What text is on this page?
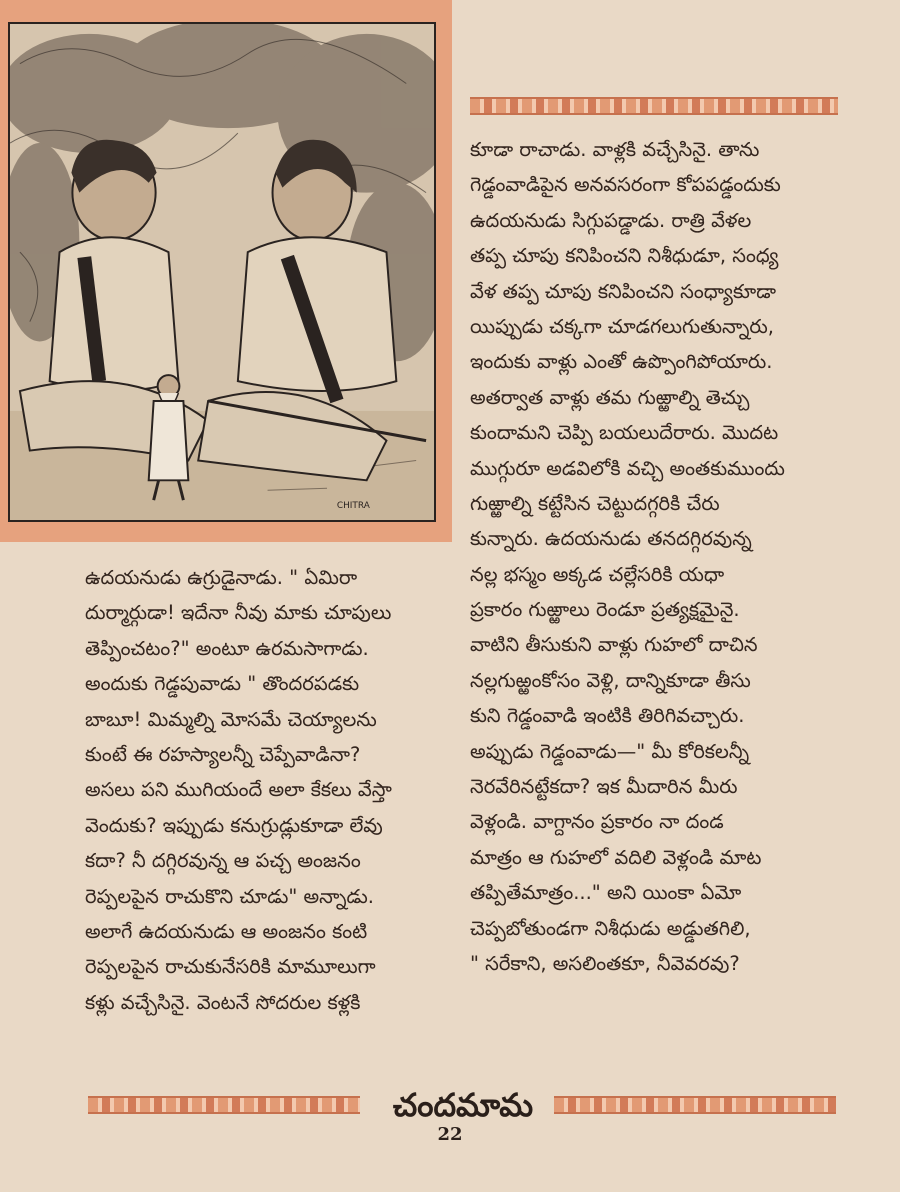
CHITRA
కూడా రాచాడు. వాళ్లకి వచ్చేసినై. తాను
గెడ్డంవాడిపైన అనవసరంగా కోపపడ్డందుకు
ఉదయనుడు సిగ్గుపడ్డాడు. రాత్రి వేళల
తప్ప చూపు కనిపించని నిశీధుడూ, సంధ్య
వేళ తప్ప చూపు కనిపించని సంధ్యాకూడా
యిప్పుడు చక్కగా చూడగలుగుతున్నారు,
ఇందుకు వాళ్లు ఎంతో ఉప్పొంగిపోయారు.
అతర్వాత వాళ్లు తమ గుఱ్ఱాల్ని తెచ్చు
కుందామని చెప్పి బయలుదేరారు. మొదట
ముగ్గురూ అడవిలోకి వచ్చి అంతకుముందు
గుఱ్ఱాల్ని కట్టేసిన చెట్టుదగ్గరికి చేరు
కున్నారు. ఉదయనుడు తనదగ్గిరవున్న
నల్ల భస్మం అక్కడ చల్లేసరికి యధా
ప్రకారం గుఱ్ఱాలు రెండూ ప్రత్యక్షమైనై.
వాటిని తీసుకుని వాళ్లు గుహలో దాచిన
నల్లగుఱ్ఱంకోసం వెళ్లి, దాన్నికూడా తీసు
కుని గెడ్డంవాడి ఇంటికి తిరిగివచ్చారు.
అప్పుడు గెడ్డంవాడు—" మీ కోరికలన్నీ
నెరవేరినట్టేకదా? ఇక మీదారిన మీరు
వెళ్లండి. వాగ్దానం ప్రకారం నా దండ
మాత్రం ఆ గుహలో వదిలి వెళ్లండి మాట
తప్పితేమాత్రం..." అని యింకా ఏమో
చెప్పబోతుండగా నిశీధుడు అడ్డుతగిలి,
" సరేకాని, అసలింతకూ, నీవెవరవు?
ఉదయనుడు ఉగ్రుడైనాడు. " ఏమిరా
దుర్మార్గుడా! ఇదేనా నీవు మాకు చూపులు
తెప్పించటం?" అంటూ ఉరమసాగాడు.
అందుకు గెడ్డపువాడు " తొందరపడకు
బాబూ! మిమ్మల్ని మోసమే చెయ్యాలను
కుంటే ఈ రహస్యాలన్నీ చెప్పేవాడినా?
అసలు పని ముగియందే అలా కేకలు వేస్తా
వెందుకు? ఇప్పుడు కనుగ్రుడ్లుకూడా లేవు
కదా? నీ దగ్గిరవున్న ఆ పచ్చ అంజనం
రెప్పలపైన రాచుకొని చూడు" అన్నాడు.
అలాగే ఉదయనుడు ఆ అంజనం కంటి
రెప్పలపైన రాచుకునేసరికి మామూలుగా
కళ్లు వచ్చేసినై. వెంటనే సోదరుల కళ్లకి
చందమామ
22
